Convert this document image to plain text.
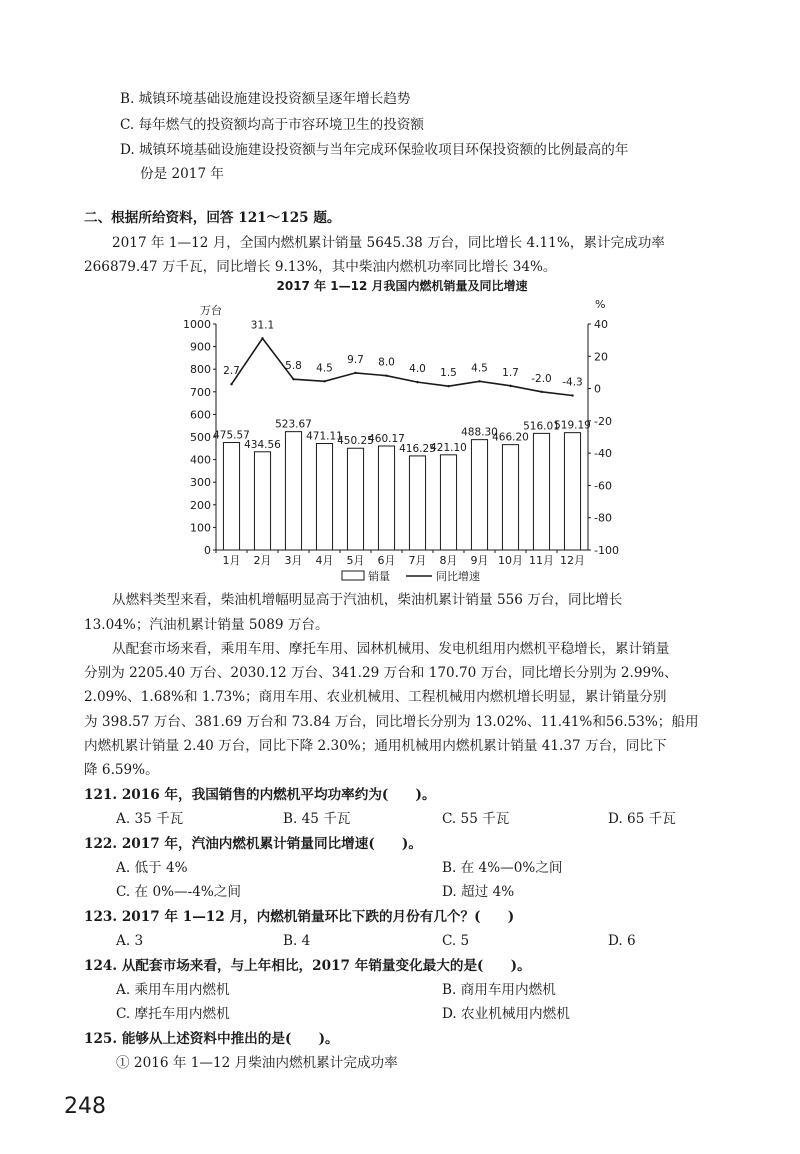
B. 城镇环境基础设施建设投资额呈逐年增长趋势
C. 每年燃气的投资额均高于市容环境卫生的投资额
D. 城镇环境基础设施建设投资额与当年完成环保验收项目环保投资额的比例最高的年
份是 2017 年
二、根据所给资料，回答 121～125 题。
2017 年 1—12 月，全国内燃机累计销量 5645.38 万台，同比增长 4.11%，累计完成功率
266879.47 万千瓦，同比增长 9.13%，其中柴油内燃机功率同比增长 34%。
2017 年 1—12 月我国内燃机销量及同比增速
万台	%
0
100
200
300
400
500
600
700
800
900
1000
-100
-80
-60
-40
-20
0
20
40
475.57
434.56
523.67
471.11
450.25
460.17
416.25
421.10
488.30
466.20
516.01
519.19
2.7
31.1
5.8 4.5
9.7 8.0
4.0 1.5 4.5 1.7 -2.0 -4.3
1月 2月 3月 4月 5月 6月 7月 8月 9月 10月 11月 12月
销量	同比增速
从燃料类型来看，柴油机增幅明显高于汽油机，柴油机累计销量 556 万台，同比增长
13.04%；汽油机累计销量 5089 万台。
从配套市场来看，乘用车用、摩托车用、园林机械用、发电机组用内燃机平稳增长，累计销量
分别为 2205.40 万台、2030.12 万台、341.29 万台和 170.70 万台，同比增长分别为 2.99%、
2.09%、1.68%和 1.73%；商用车用、农业机械用、工程机械用内燃机增长明显，累计销量分别
为 398.57 万台、381.69 万台和 73.84 万台，同比增长分别为 13.02%、11.41%和56.53%；船用
内燃机累计销量 2.40 万台，同比下降 2.30%；通用机械用内燃机累计销量 41.37 万台，同比下
降 6.59%。
121. 2016 年，我国销售的内燃机平均功率约为(　　)。
A. 35 千瓦	B. 45 千瓦	C. 55 千瓦	D. 65 千瓦
122. 2017 年，汽油内燃机累计销量同比增速(　　)。
A. 低于 4%	B. 在 4%—0%之间
C. 在 0%—-4%之间	D. 超过 4%
123. 2017 年 1—12 月，内燃机销量环比下跌的月份有几个？(　　)
A. 3	B. 4	C. 5	D. 6
124. 从配套市场来看，与上年相比，2017 年销量变化最大的是(　　)。
A. 乘用车用内燃机	B. 商用车用内燃机
C. 摩托车用内燃机	D. 农业机械用内燃机
125. 能够从上述资料中推出的是(　　)。
① 2016 年 1—12 月柴油内燃机累计完成功率
248
